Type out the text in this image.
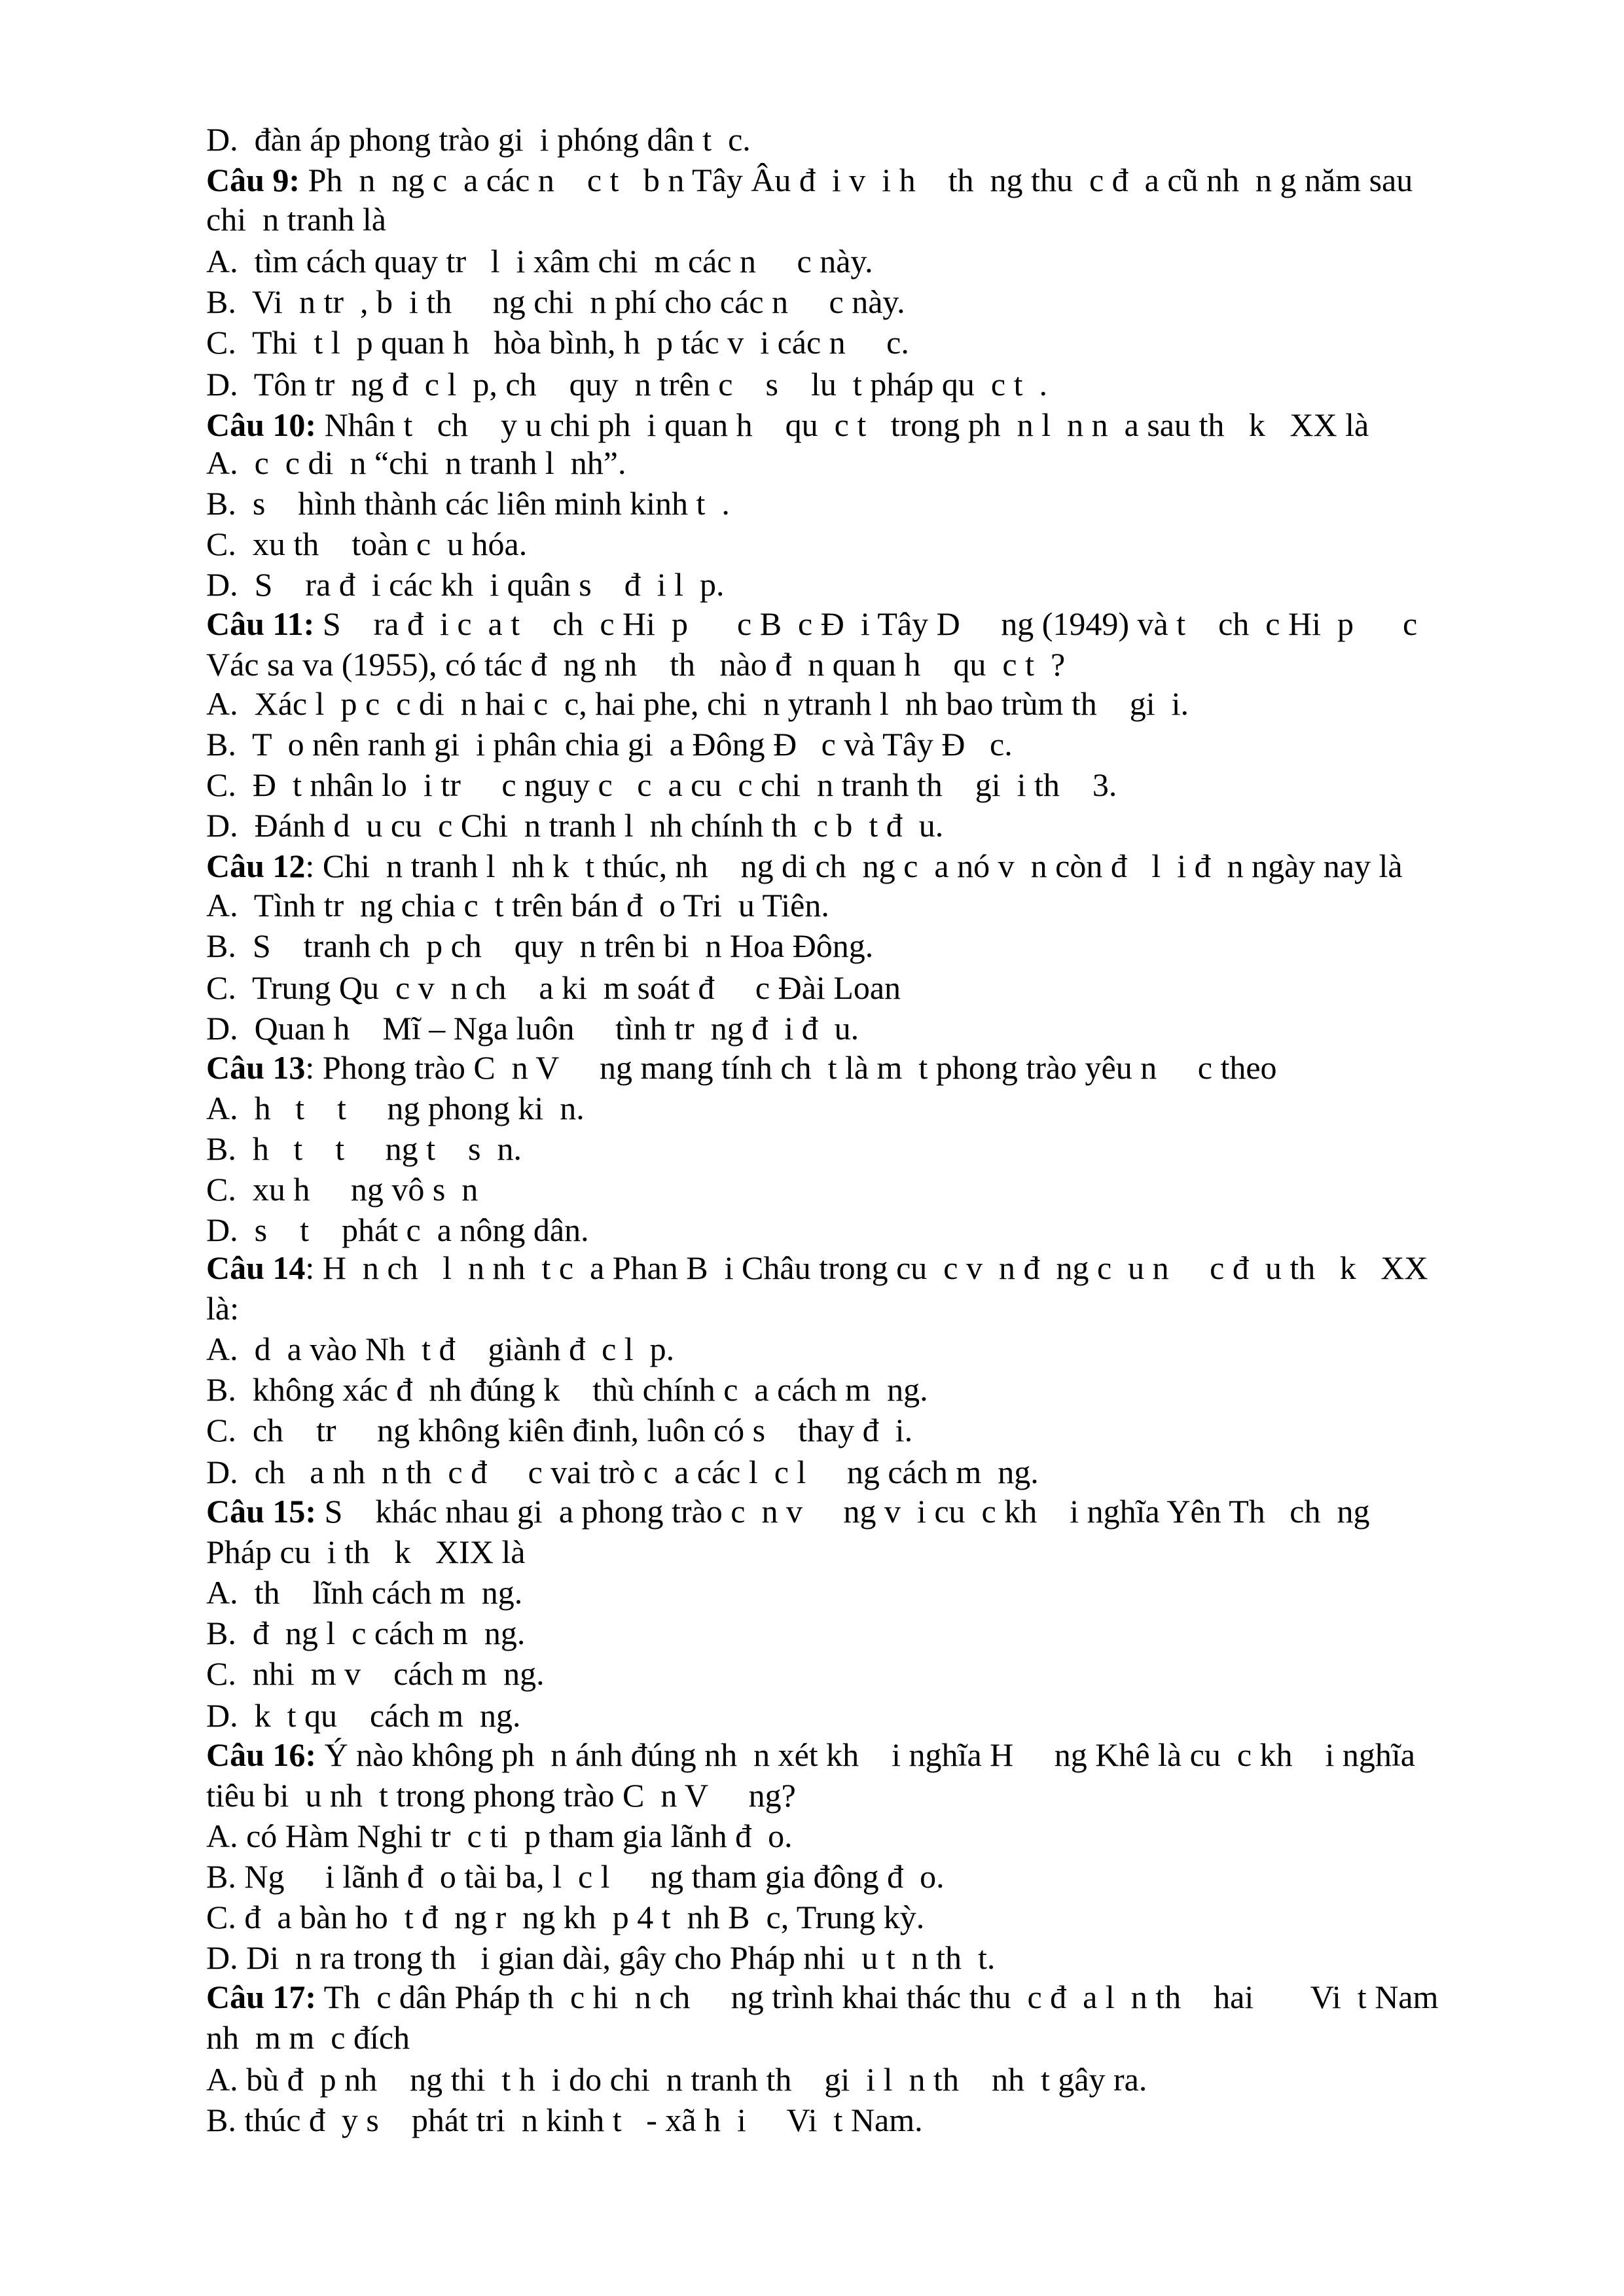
D.  đàn áp phong trào gi  i phóng dân t  c.

Câu 9: Ph  n  ng c  a các n    c t   b n Tây Âu đ  i v  i h    th  ng thu  c đ  a cũ nh  n g năm sau

chi  n tranh là

A.  tìm cách quay tr   l  i xâm chi  m các n     c này.

B.  Vi  n tr  , b  i th     ng chi  n phí cho các n     c này.

C.  Thi  t l  p quan h   hòa bình, h  p tác v  i các n     c.

D.  Tôn tr  ng đ  c l  p, ch    quy  n trên c    s    lu  t pháp qu  c t  .

Câu 10: Nhân t   ch    y u chi ph  i quan h    qu  c t   trong ph  n l  n n  a sau th   k   XX là

A.  c  c di  n “chi  n tranh l  nh”.

B.  s    hình thành các liên minh kinh t  .

C.  xu th    toàn c  u hóa.

D.  S    ra đ  i các kh  i quân s    đ  i l  p.

Câu 11: S    ra đ  i c  a t    ch  c Hi  p      c B  c Đ  i Tây D     ng (1949) và t    ch  c Hi  p      c

Vác sa va (1955), có tác đ  ng nh    th   nào đ  n quan h    qu  c t  ?

A.  Xác l  p c  c di  n hai c  c, hai phe, chi  n ytranh l  nh bao trùm th    gi  i.

B.  T  o nên ranh gi  i phân chia gi  a Đông Đ   c và Tây Đ   c.

C.  Đ  t nhân lo  i tr     c nguy c   c  a cu  c chi  n tranh th    gi  i th    3.

D.  Đánh d  u cu  c Chi  n tranh l  nh chính th  c b  t đ  u.

Câu 12: Chi  n tranh l  nh k  t thúc, nh    ng di ch  ng c  a nó v  n còn đ   l  i đ  n ngày nay là

A.  Tình tr  ng chia c  t trên bán đ  o Tri  u Tiên.

B.  S    tranh ch  p ch    quy  n trên bi  n Hoa Đông.

C.  Trung Qu  c v  n ch    a ki  m soát đ     c Đài Loan

D.  Quan h    Mĩ – Nga luôn     tình tr  ng đ  i đ  u.

Câu 13: Phong trào C  n V     ng mang tính ch  t là m  t phong trào yêu n     c theo

A.  h   t    t     ng phong ki  n.

B.  h   t    t     ng t    s  n.

C.  xu h     ng vô s  n

D.  s    t    phát c  a nông dân.

Câu 14: H  n ch   l  n nh  t c  a Phan B  i Châu trong cu  c v  n đ  ng c  u n     c đ  u th   k   XX

là:

A.  d  a vào Nh  t đ    giành đ  c l  p.

B.  không xác đ  nh đúng k    thù chính c  a cách m  ng.

C.  ch    tr     ng không kiên đinh, luôn có s    thay đ  i.

D.  ch   a nh  n th  c đ     c vai trò c  a các l  c l     ng cách m  ng.

Câu 15: S    khác nhau gi  a phong trào c  n v     ng v  i cu  c kh    i nghĩa Yên Th   ch  ng

Pháp cu  i th   k   XIX là

A.  th    lĩnh cách m  ng.

B.  đ  ng l  c cách m  ng.

C.  nhi  m v    cách m  ng.

D.  k  t qu    cách m  ng.

Câu 16: Ý nào không ph  n ánh đúng nh  n xét kh    i nghĩa H     ng Khê là cu  c kh    i nghĩa

tiêu bi  u nh  t trong phong trào C  n V     ng?

A. có Hàm Nghi tr  c ti  p tham gia lãnh đ  o.

B. Ng     i lãnh đ  o tài ba, l  c l     ng tham gia đông đ  o.

C. đ  a bàn ho  t đ  ng r  ng kh  p 4 t  nh B  c, Trung kỳ.

D. Di  n ra trong th   i gian dài, gây cho Pháp nhi  u t  n th  t.

Câu 17: Th  c dân Pháp th  c hi  n ch     ng trình khai thác thu  c đ  a l  n th    hai       Vi  t Nam

nh  m m  c đích

A. bù đ  p nh    ng thi  t h  i do chi  n tranh th    gi  i l  n th    nh  t gây ra.

B. thúc đ  y s    phát tri  n kinh t   - xã h  i     Vi  t Nam.
